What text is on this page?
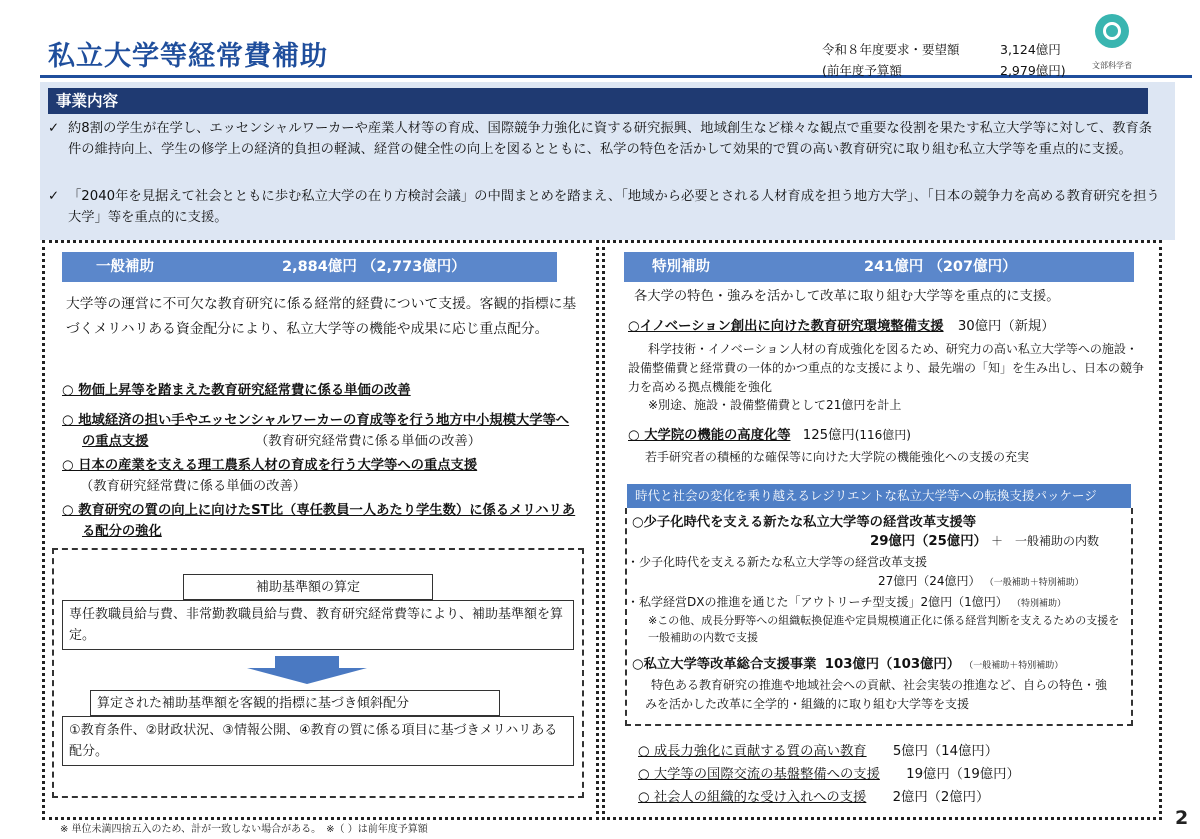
私立大学等経常費補助	令和８年度要求・要望額	3,124億円
(前年度予算額	2,979億円)	文部科学省
事業内容
✓ 約8割の学生が在学し、エッセンシャルワーカーや産業人材等の育成、国際競争力強化に資する研究振興、地域創生など様々な観点で重要な役割を果たす私立大学等に対して、教育条件の維持向上、学生の修学上の経済的負担の軽減、経営の健全性の向上を図るとともに、私学の特色を活かして効果的で質の高い教育研究に取り組む私立大学等を重点的に支援。
✓ 「2040年を見据えて社会とともに歩む私立大学の在り方検討会議」の中間まとめを踏まえ、「地域から必要とされる人材育成を担う地方大学」、「日本の競争力を高める教育研究を担う大学」等を重点的に支援。
一般補助	2,884億円 （2,773億円）
大学等の運営に不可欠な教育研究に係る経常的経費について支援。客観的指標に基づくメリハリある資金配分により、私立大学等の機能や成果に応じ重点配分。
○ 物価上昇等を踏まえた教育研究経常費に係る単価の改善
○ 地域経済の担い手やエッセンシャルワーカーの育成等を行う地方中小規模大学等への重点支援	（教育研究経常費に係る単価の改善）
○ 日本の産業を支える理工農系人材の育成を行う大学等への重点支援
（教育研究経常費に係る単価の改善）
○ 教育研究の質の向上に向けたST比（専任教員一人あたり学生数）に係るメリハリある配分の強化
補助基準額の算定
専任教職員給与費、非常勤教職員給与費、教育研究経常費等により、補助基準額を算定。
算定された補助基準額を客観的指標に基づき傾斜配分
①教育条件、②財政状況、③情報公開、④教育の質に係る項目に基づきメリハリある配分。
特別補助	241億円 （207億円）
各大学の特色・強みを活かして改革に取り組む大学等を重点的に支援。
○イノベーション創出に向けた教育研究環境整備支援 30億円（新規）
科学技術・イノベーション人材の育成強化を図るため、研究力の高い私立大学等への施設・設備整備費と経常費の一体的かつ重点的な支援により、最先端の「知」を生み出し、日本の競争力を高める拠点機能を強化
※別途、施設・設備整備費として21億円を計上
○ 大学院の機能の高度化等 125億円(116億円)
若手研究者の積極的な確保等に向けた大学院の機能強化への支援の充実
時代と社会の変化を乗り越えるレジリエントな私立大学等への転換支援パッケージ
○少子化時代を支える新たな私立大学等の経営改革支援等
29億円（25億円） ＋　一般補助の内数
・少子化時代を支える新たな私立大学等の経営改革支援
27億円（24億円） （一般補助＋特別補助）
・私学経営DXの推進を通じた「アウトリーチ型支援」2億円（1億円） （特別補助）
※この他、成長分野等への組織転換促進や定員規模適正化に係る経営判断を支えるための支援を一般補助の内数で支援
○私立大学等改革総合支援事業 103億円（103億円） （一般補助＋特別補助）
特色ある教育研究の推進や地域社会への貢献、社会実装の推進など、自らの特色・強みを活かした改革に全学的・組織的に取り組む大学等を支援
○ 成長力強化に貢献する質の高い教育 5億円（14億円）
○ 大学等の国際交流の基盤整備への支援 19億円（19億円）
○ 社会人の組織的な受け入れへの支援 2億円（2億円）
2
※ 単位未満四捨五入のため、計が一致しない場合がある。　※（ ）は前年度予算額
